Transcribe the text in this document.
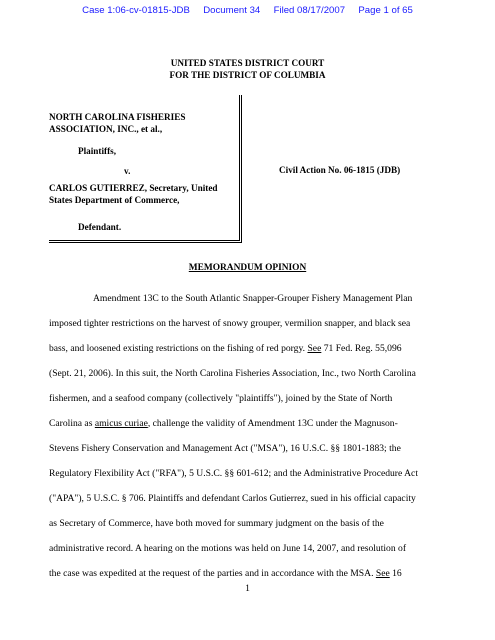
Case 1:06-cv-01815-JDB Document 34 Filed 08/17/2007 Page 1 of 65
UNITED STATES DISTRICT COURT
FOR THE DISTRICT OF COLUMBIA
NORTH CAROLINA FISHERIES
ASSOCIATION, INC., et al.,
Plaintiffs,
v.
CARLOS GUTIERREZ, Secretary, United
States Department of Commerce,
Defendant.
Civil Action No. 06-1815 (JDB)
MEMORANDUM OPINION
Amendment 13C to the South Atlantic Snapper-Grouper Fishery Management Plan
imposed tighter restrictions on the harvest of snowy grouper, vermilion snapper, and black sea
bass, and loosened existing restrictions on the fishing of red porgy. See 71 Fed. Reg. 55,096
(Sept. 21, 2006). In this suit, the North Carolina Fisheries Association, Inc., two North Carolina
fishermen, and a seafood company (collectively "plaintiffs"), joined by the State of North
Carolina as amicus curiae, challenge the validity of Amendment 13C under the Magnuson-
Stevens Fishery Conservation and Management Act ("MSA"), 16 U.S.C. §§ 1801-1883; the
Regulatory Flexibility Act ("RFA"), 5 U.S.C. §§ 601-612; and the Administrative Procedure Act
("APA"), 5 U.S.C. § 706. Plaintiffs and defendant Carlos Gutierrez, sued in his official capacity
as Secretary of Commerce, have both moved for summary judgment on the basis of the
administrative record. A hearing on the motions was held on June 14, 2007, and resolution of
the case was expedited at the request of the parties and in accordance with the MSA. See 16
1
